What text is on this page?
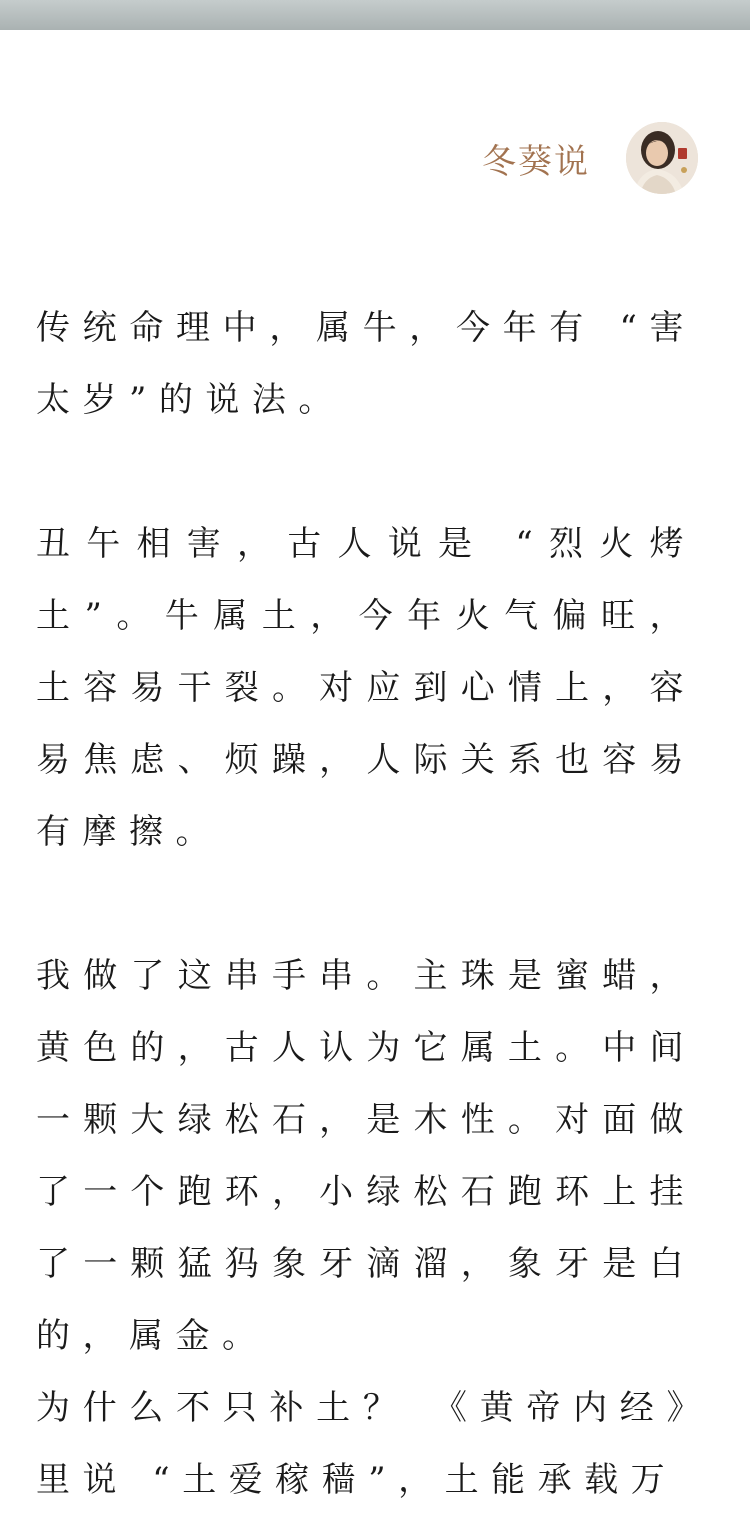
冬葵说

传统命理中，属牛，今年有 “害太岁”的说法。

丑午相害，古人说是 “烈火烤土”。牛属土，今年火气偏旺，土容易干裂。对应到心情上，容易焦虑、烦躁，人际关系也容易有摩擦。

我做了这串手串。主珠是蜜蜡，黄色的，古人认为它属土。中间一颗大绿松石，是木性。对面做了一个跑环，小绿松石跑环上挂了一颗猛犸象牙滴溜，象牙是白的，属金。

为什么不只补土？ 《黄帝内经》里说 “土爱稼穑”，土能承载万
